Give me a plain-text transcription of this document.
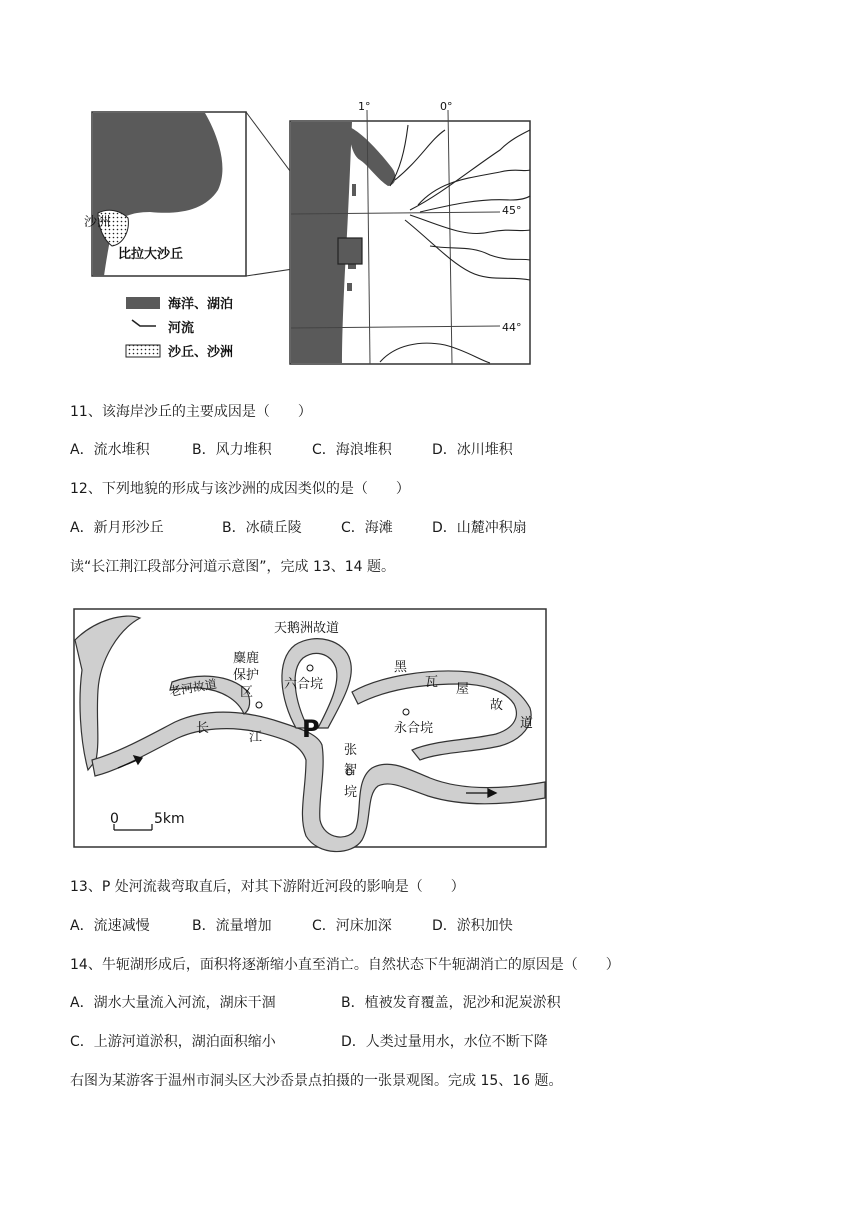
沙洲
比拉大沙丘
1°	0°
45°
44°
海洋、湖泊
河流
沙丘、沙洲
11、该海岸沙丘的主要成因是（　　）
A．流水堆积	B．风力堆积	C．海浪堆积	D．冰川堆积
12、下列地貌的形成与该沙洲的成因类似的是（　　）
A．新月形沙丘	B．冰碛丘陵	C．海滩	D．山麓冲积扇
读“长江荆江段部分河道示意图”，完成 13、14 题。
天鹅洲故道
麋鹿
保护
区
六合垸
老河故道
长
江 P
张
智
垸
黑
瓦 屋
故
道
永合垸
0	5km
13、P 处河流裁弯取直后，对其下游附近河段的影响是（　　）
A．流速减慢	B．流量增加	C．河床加深	D．淤积加快
14、牛轭湖形成后，面积将逐渐缩小直至消亡。自然状态下牛轭湖消亡的原因是（　　）
A．湖水大量流入河流，湖床干涸	B．植被发育覆盖，泥沙和泥炭淤积
C．上游河道淤积，湖泊面积缩小	D．人类过量用水，水位不断下降
右图为某游客于温州市洞头区大沙岙景点拍摄的一张景观图。完成 15、16 题。
